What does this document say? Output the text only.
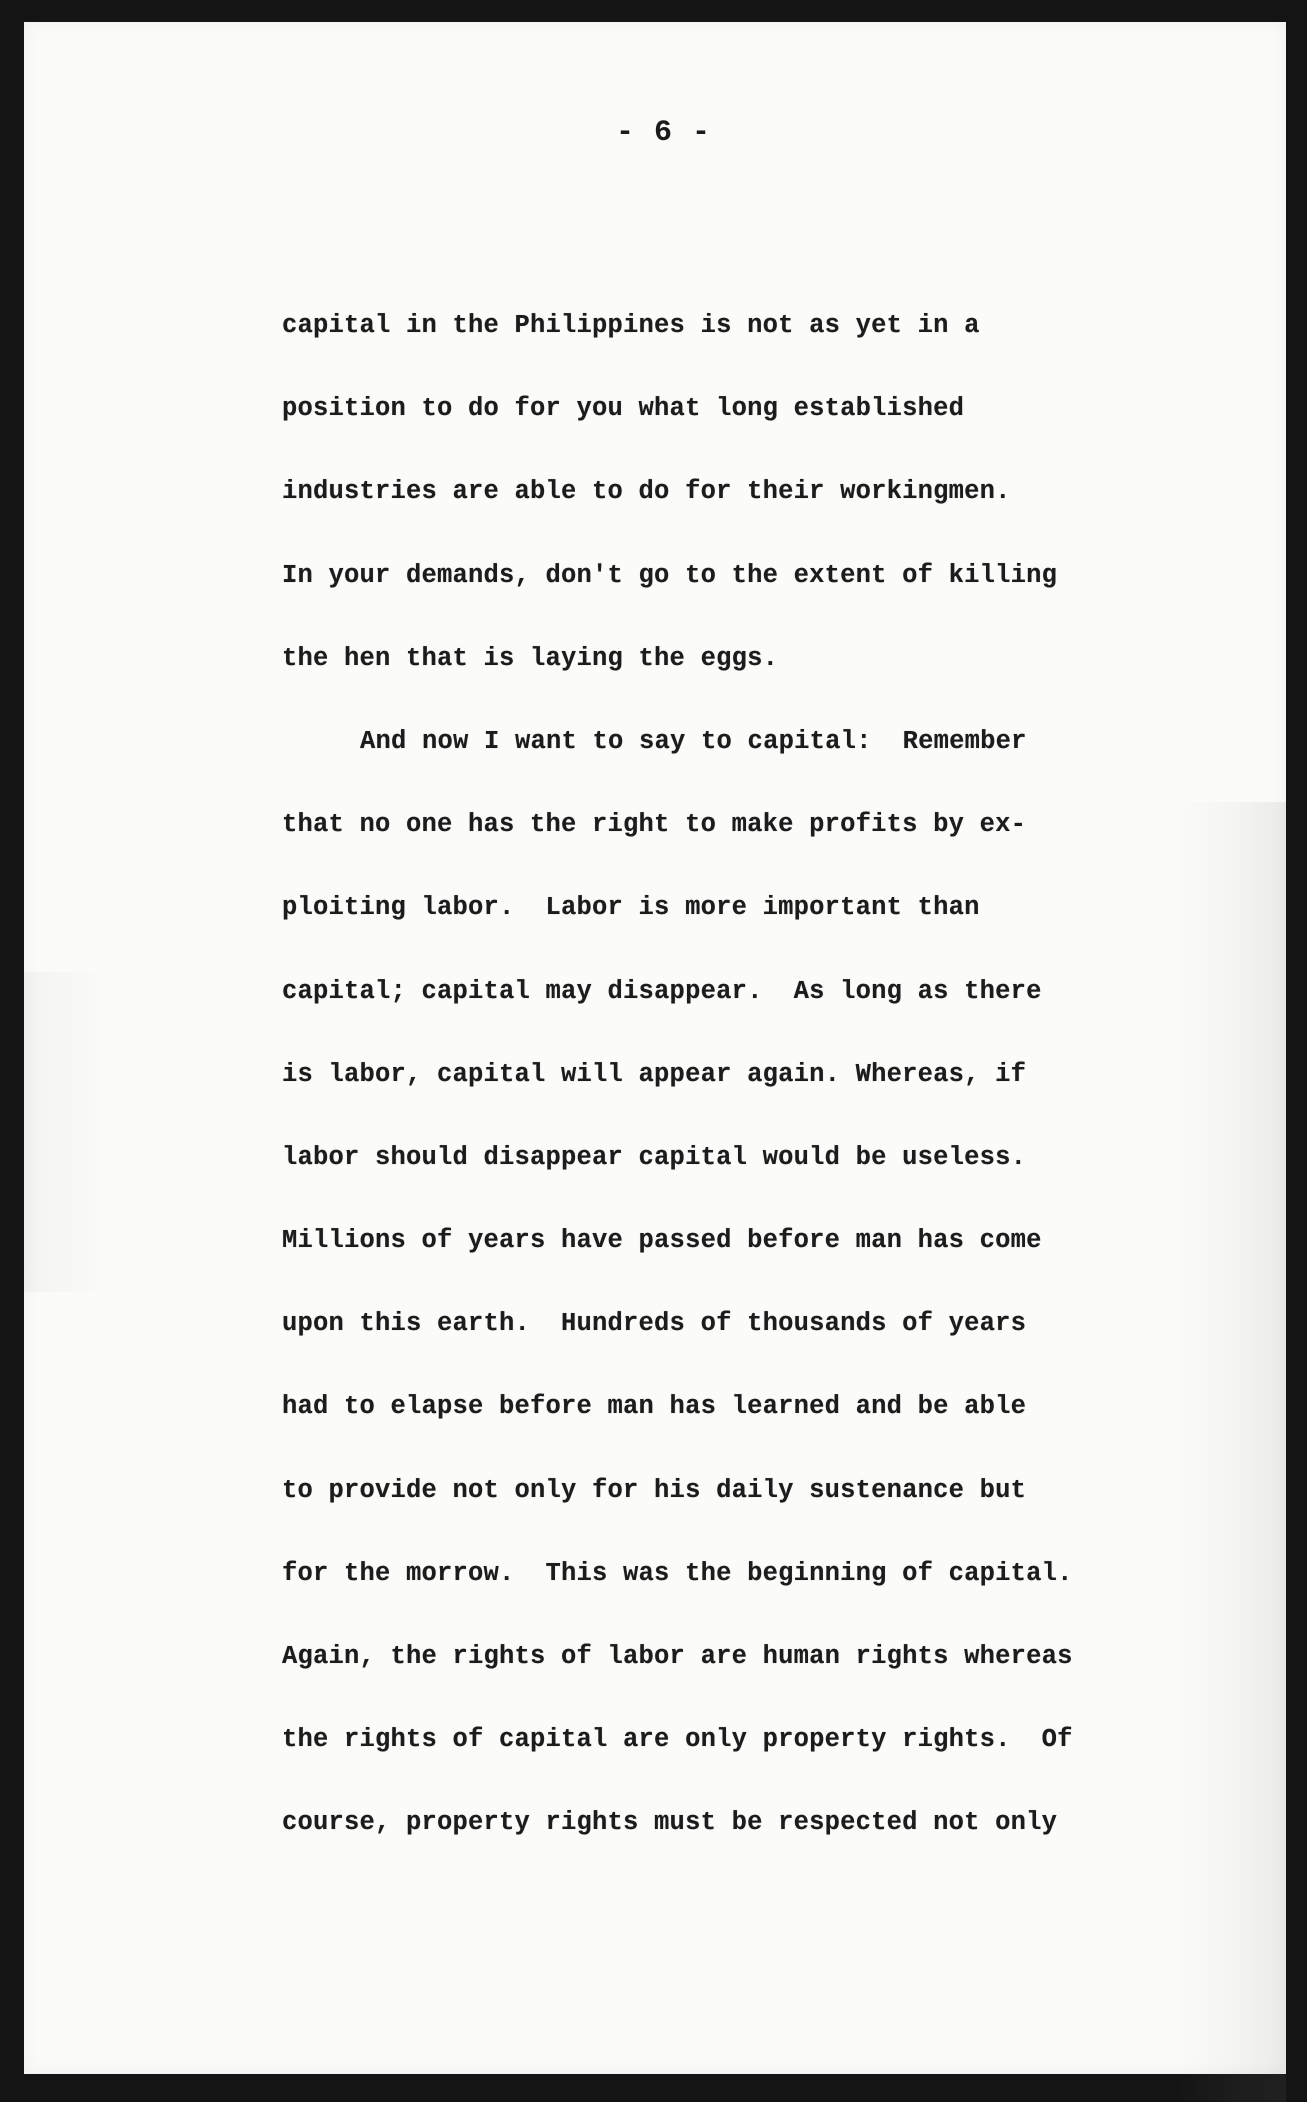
- 6 -
capital in the Philippines is not as yet in a
position to do for you what long established
industries are able to do for their workingmen.
In your demands, don't go to the extent of killing
the hen that is laying the eggs.
And now I want to say to capital:  Remember
that no one has the right to make profits by ex-
ploiting labor.  Labor is more important than
capital; capital may disappear.  As long as there
is labor, capital will appear again. Whereas, if
labor should disappear capital would be useless.
Millions of years have passed before man has come
upon this earth.  Hundreds of thousands of years
had to elapse before man has learned and be able
to provide not only for his daily sustenance but
for the morrow.  This was the beginning of capital.
Again, the rights of labor are human rights whereas
the rights of capital are only property rights.  Of
course, property rights must be respected not only
